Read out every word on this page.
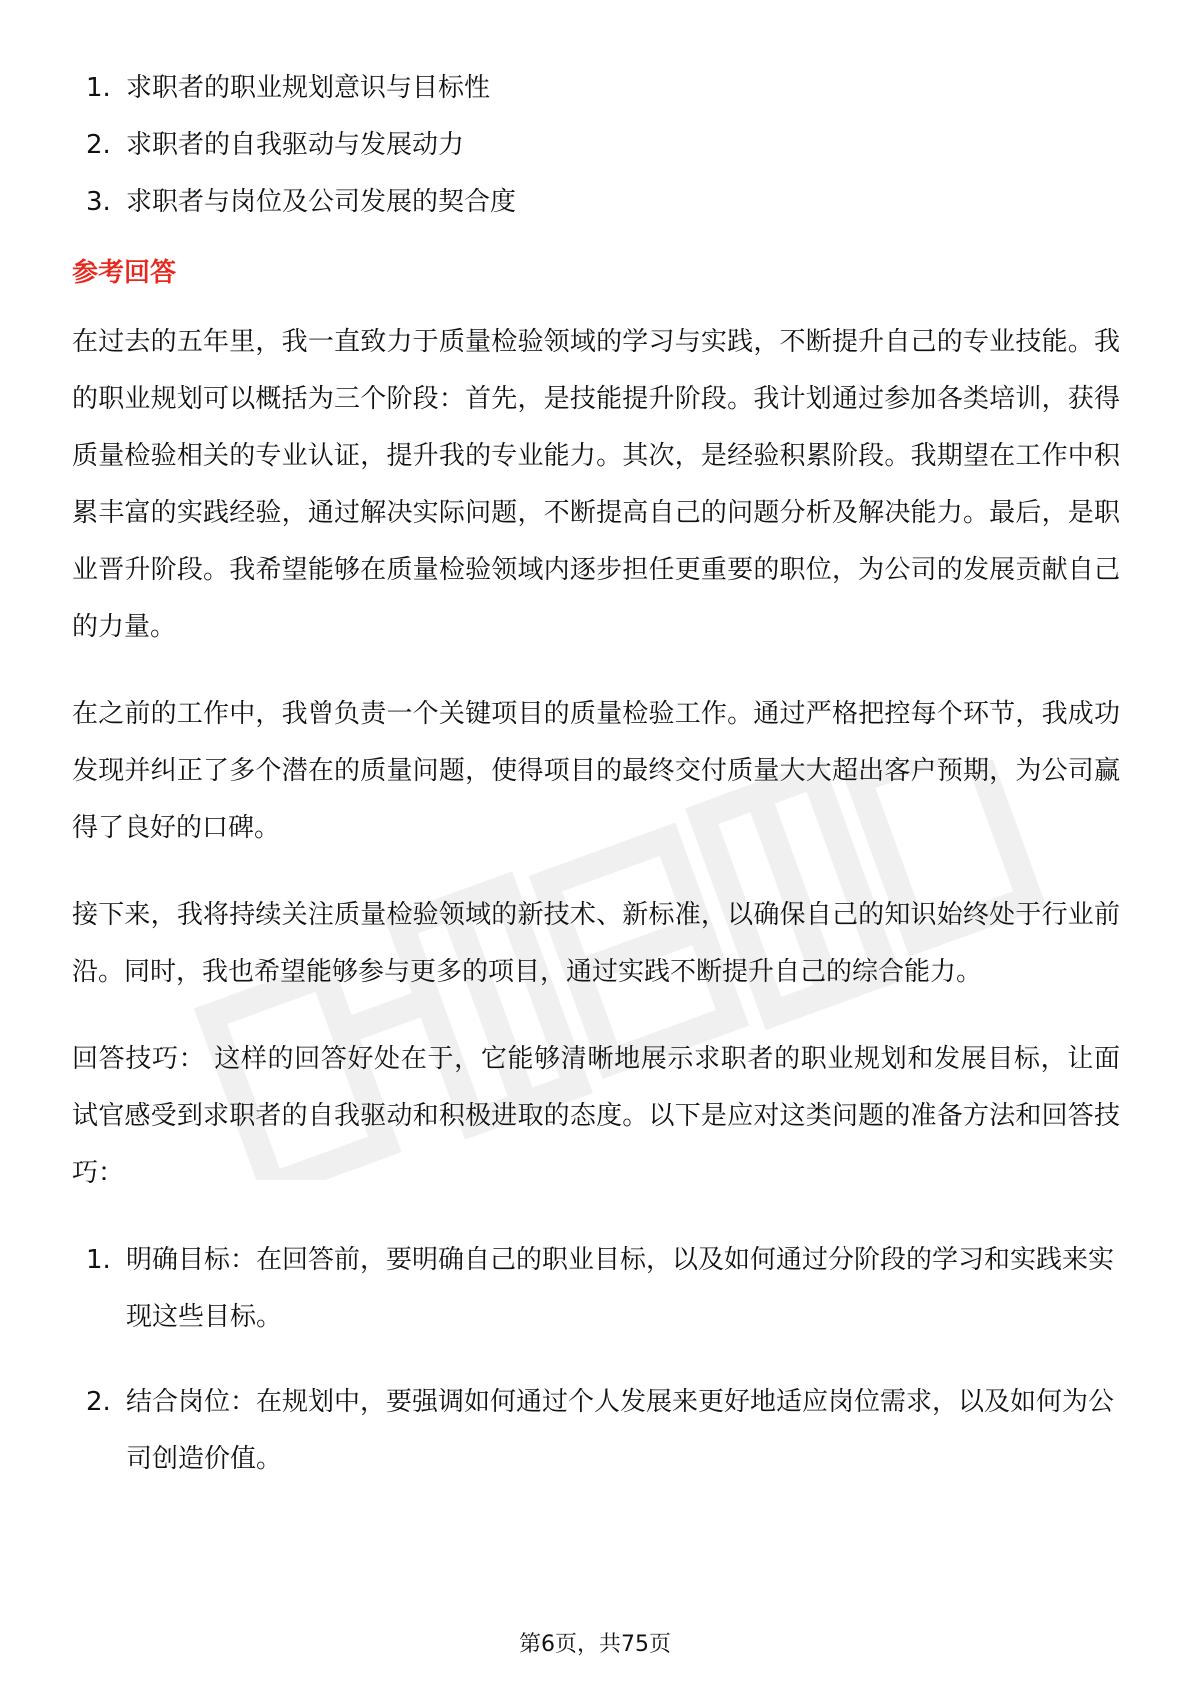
1. 求职者的职业规划意识与目标性
2. 求职者的自我驱动与发展动力
3. 求职者与岗位及公司发展的契合度
参考回答

在过去的五年里，我一直致力于质量检验领域的学习与实践，不断提升自己的专业技能。我的职业规划可以概括为三个阶段：首先，是技能提升阶段。我计划通过参加各类培训，获得质量检验相关的专业认证，提升我的专业能力。其次，是经验积累阶段。我期望在工作中积累丰富的实践经验，通过解决实际问题，不断提高自己的问题分析及解决能力。最后，是职业晋升阶段。我希望能够在质量检验领域内逐步担任更重要的职位，为公司的发展贡献自己的力量。

在之前的工作中，我曾负责一个关键项目的质量检验工作。通过严格把控每个环节，我成功发现并纠正了多个潜在的质量问题，使得项目的最终交付质量大大超出客户预期，为公司赢得了良好的口碑。

接下来，我将持续关注质量检验领域的新技术、新标准，以确保自己的知识始终处于行业前沿。同时，我也希望能够参与更多的项目，通过实践不断提升自己的综合能力。

回答技巧： 这样的回答好处在于，它能够清晰地展示求职者的职业规划和发展目标，让面试官感受到求职者的自我驱动和积极进取的态度。以下是应对这类问题的准备方法和回答技巧：

1. 明确目标：在回答前，要明确自己的职业目标，以及如何通过分阶段的学习和实践来实现这些目标。
2. 结合岗位：在规划中，要强调如何通过个人发展来更好地适应岗位需求，以及如何为公司创造价值。
第6页，共75页
